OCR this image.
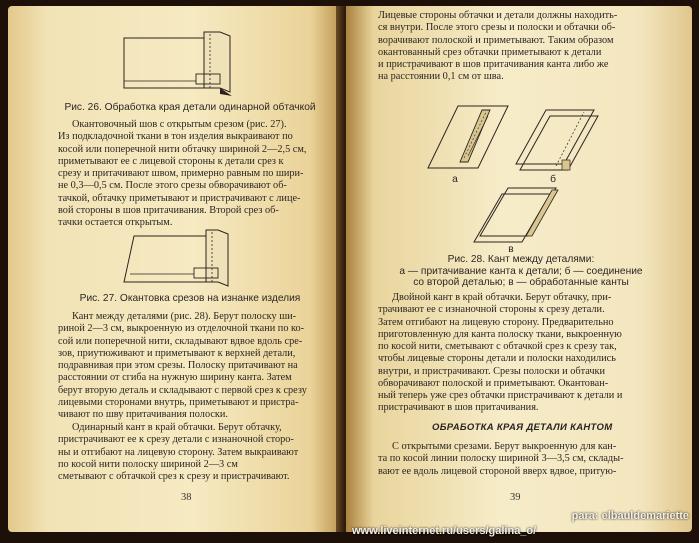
Рис. 26. Обработка края детали одинарной обтачкой
Окантовочный шов с открытым срезом (рис. 27).
Из подкладочной ткани в тон изделия выкраивают по
косой или поперечной нити обтачку шириной 2—2,5 см,
приметывают ее с лицевой стороны к детали срез к
срезу и притачивают швом, примерно равным по шири-
не 0,3—0,5 см. После этого срезы обворачивают об-
тачкой, обтачку приметывают и пристрачивают с лице-
вой стороны в шов притачивания. Второй срез об-
тачки остается открытым.
Рис. 27. Окантовка срезов на изнанке изделия
Кант между деталями (рис. 28). Берут полоску ши-
риной 2—3 см, выкроенную из отделочной ткани по ко-
сой или поперечной нити, складывают вдвое вдоль сре-
зов, приутюживают и приметывают к верхней детали,
подравнивая при этом срезы. Полоску притачивают на
расстоянии от сгиба на нужную ширину канта. Затем
берут вторую деталь и складывают с первой срез к срезу
лицевыми сторонами внутрь, приметывают и пристра-
чивают по шву притачивания полоски.
Одинарный кант в край обтачки. Берут обтачку,
пристрачивают ее к срезу детали с изнаночной сторо-
ны и отгибают на лицевую сторону. Затем выкраивают
по косой нити полоску шириной 2—3 см
сметывают с обтачкой срез к срезу и пристрачивают.
38
Лицевые стороны обтачки и детали должны находить-
ся внутри. После этого срезы и полоски и обтачки об-
ворачивают полоской и приметывают. Таким образом
окантованный срез обтачки приметывают к детали
и пристрачивают в шов притачивания канта либо же
на расстоянии 0,1 см от шва.
а	б
в
Рис. 28. Кант между деталями:
а — притачивание канта к детали; б — соединение
со второй деталью; в — обработанные канты
Двойной кант в край обтачки. Берут обтачку, при-
трачивают ее с изнаночной стороны к срезу детали.
Затем отгибают на лицевую сторону. Предварительно
приготовленную для канта полоску ткани, выкроенную
по косой нити, сметывают с обтачкой срез к срезу так,
чтобы лицевые стороны детали и полоски находились
внутри, и пристрачивают. Срезы полоски и обтачки
обворачивают полоской и приметывают. Окантован-
ный теперь уже срез обтачки пристрачивают к детали и
пристрачивают в шов притачивания.
ОБРАБОТКА КРАЯ ДЕТАЛИ КАНТОМ
С открытыми срезами. Берут выкроенную для кан-
та по косой линии полоску шириной 3—3,5 см, склады-
вают ее вдоль лицевой стороной вверх вдвое, притую-
39
para: elbauldemariette
www.liveinternet.ru/users/galina_o/
